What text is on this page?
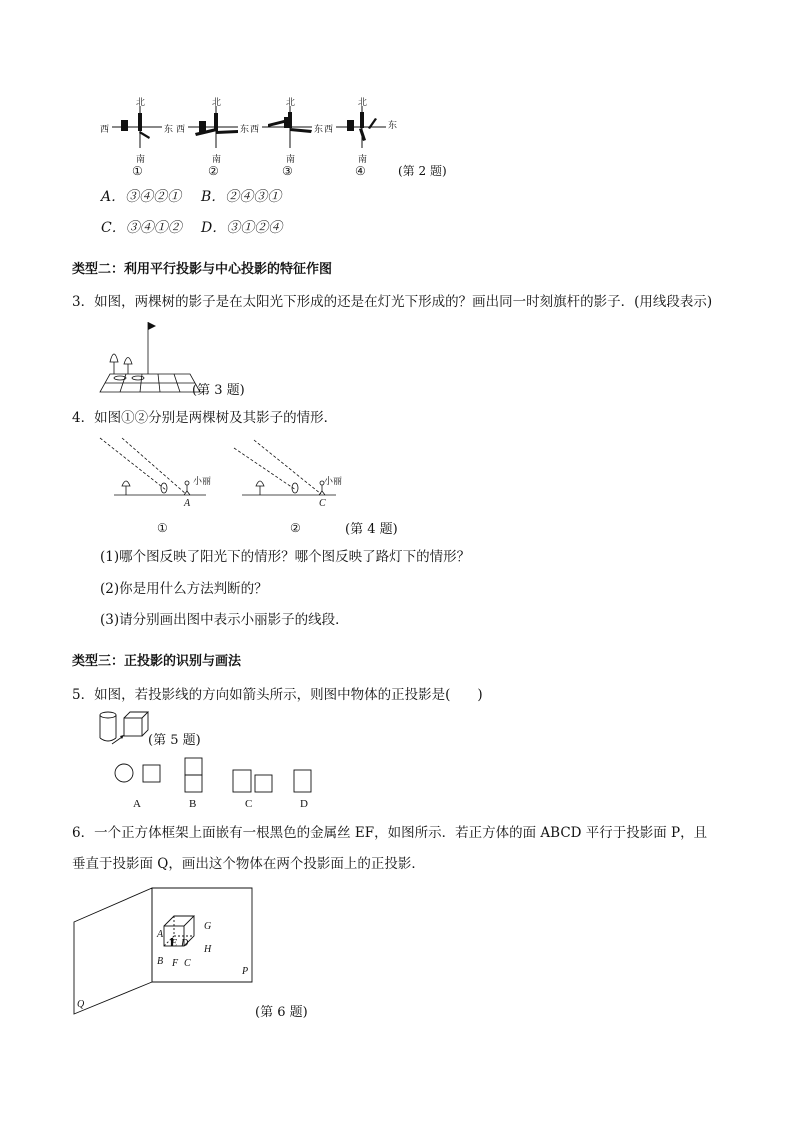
北
西	东
南
①
北
西	东
南
②
北
西	东
南
③
北
西	东
南
④	(第 2 题)
A．③④②① B．②④③①
C．③④①② D．③①②④
类型二：利用平行投影与中心投影的特征作图
3．如图，两棵树的影子是在太阳光下形成的还是在灯光下形成的？画出同一时刻旗杆的影子．(用线段表示)
(第 3 题)
4．如图①②分别是两棵树及其影子的情形．
小丽	小丽
A	C
①	②	(第 4 题)
(1)哪个图反映了阳光下的情形？哪个图反映了路灯下的情形？
(2)你是用什么方法判断的？
(3)请分别画出图中表示小丽影子的线段．
类型三：正投影的识别与画法
5．如图，若投影线的方向如箭头所示，则图中物体的正投影是(　　)
(第 5 题)
A	B	C	D
6．一个正方体框架上面嵌有一根黑色的金属丝 EF，如图所示．若正方体的面 ABCD 平行于投影面 P，且
垂直于投影面 Q，画出这个物体在两个投影面上的正投影．
A
B
E D
F C
G
H
P
Q
(第 6 题)
